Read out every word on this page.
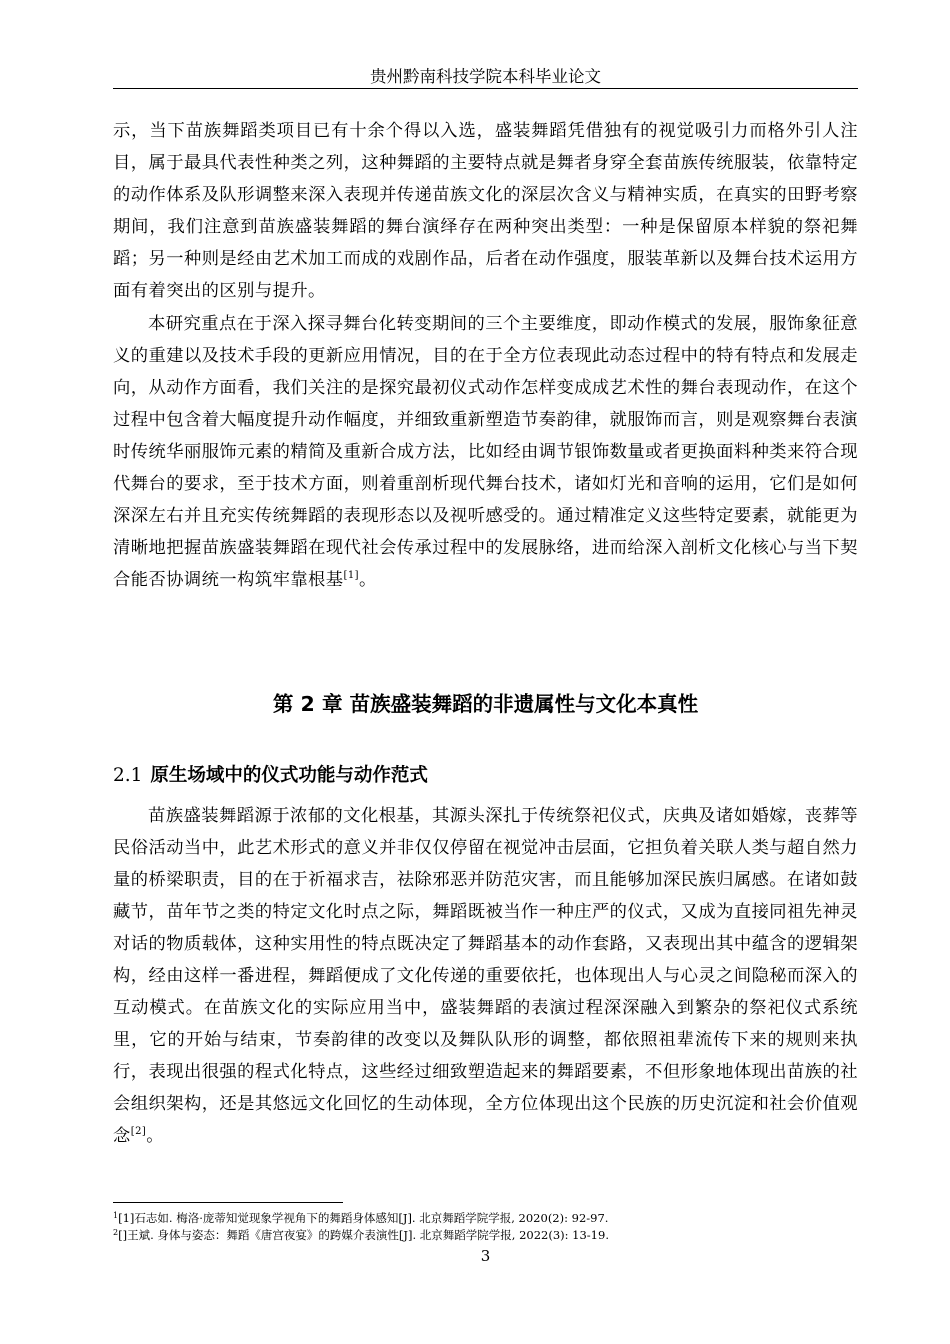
贵州黔南科技学院本科毕业论文

示，当下苗族舞蹈类项目已有十余个得以入选，盛装舞蹈凭借独有的视觉吸引力而格外引人注目，属于最具代表性种类之列，这种舞蹈的主要特点就是舞者身穿全套苗族传统服装，依靠特定的动作体系及队形调整来深入表现并传递苗族文化的深层次含义与精神实质，在真实的田野考察期间，我们注意到苗族盛装舞蹈的舞台演绎存在两种突出类型：一种是保留原本样貌的祭祀舞蹈；另一种则是经由艺术加工而成的戏剧作品，后者在动作强度，服装革新以及舞台技术运用方面有着突出的区别与提升。

本研究重点在于深入探寻舞台化转变期间的三个主要维度，即动作模式的发展，服饰象征意义的重建以及技术手段的更新应用情况，目的在于全方位表现此动态过程中的特有特点和发展走向，从动作方面看，我们关注的是探究最初仪式动作怎样变成成艺术性的舞台表现动作，在这个过程中包含着大幅度提升动作幅度，并细致重新塑造节奏韵律，就服饰而言，则是观察舞台表演时传统华丽服饰元素的精简及重新合成方法，比如经由调节银饰数量或者更换面料种类来符合现代舞台的要求，至于技术方面，则着重剖析现代舞台技术，诸如灯光和音响的运用，它们是如何深深左右并且充实传统舞蹈的表现形态以及视听感受的。通过精准定义这些特定要素，就能更为清晰地把握苗族盛装舞蹈在现代社会传承过程中的发展脉络，进而给深入剖析文化核心与当下契合能否协调统一构筑牢靠根基[1]。

第 2 章 苗族盛装舞蹈的非遗属性与文化本真性
2.1 原生场域中的仪式功能与动作范式

苗族盛装舞蹈源于浓郁的文化根基，其源头深扎于传统祭祀仪式，庆典及诸如婚嫁，丧葬等民俗活动当中，此艺术形式的意义并非仅仅停留在视觉冲击层面，它担负着关联人类与超自然力量的桥梁职责，目的在于祈福求吉，祛除邪恶并防范灾害，而且能够加深民族归属感。在诸如鼓藏节，苗年节之类的特定文化时点之际，舞蹈既被当作一种庄严的仪式，又成为直接同祖先神灵对话的物质载体，这种实用性的特点既决定了舞蹈基本的动作套路，又表现出其中蕴含的逻辑架构，经由这样一番进程，舞蹈便成了文化传递的重要依托，也体现出人与心灵之间隐秘而深入的互动模式。在苗族文化的实际应用当中，盛装舞蹈的表演过程深深融入到繁杂的祭祀仪式系统里，它的开始与结束，节奏韵律的改变以及舞队队形的调整，都依照祖辈流传下来的规则来执行，表现出很强的程式化特点，这些经过细致塑造起来的舞蹈要素，不但形象地体现出苗族的社会组织架构，还是其悠远文化回忆的生动体现，全方位体现出这个民族的历史沉淀和社会价值观念[2]。

$^1$[1]石志如. 梅洛·庞蒂知觉现象学视角下的舞蹈身体感知[J]. 北京舞蹈学院学报, 2020(2): 92-97.

$^2$[]王斌. 身体与姿态：舞蹈《唐宫夜宴》的跨媒介表演性[J]. 北京舞蹈学院学报, 2022(3): 13-19.

3
